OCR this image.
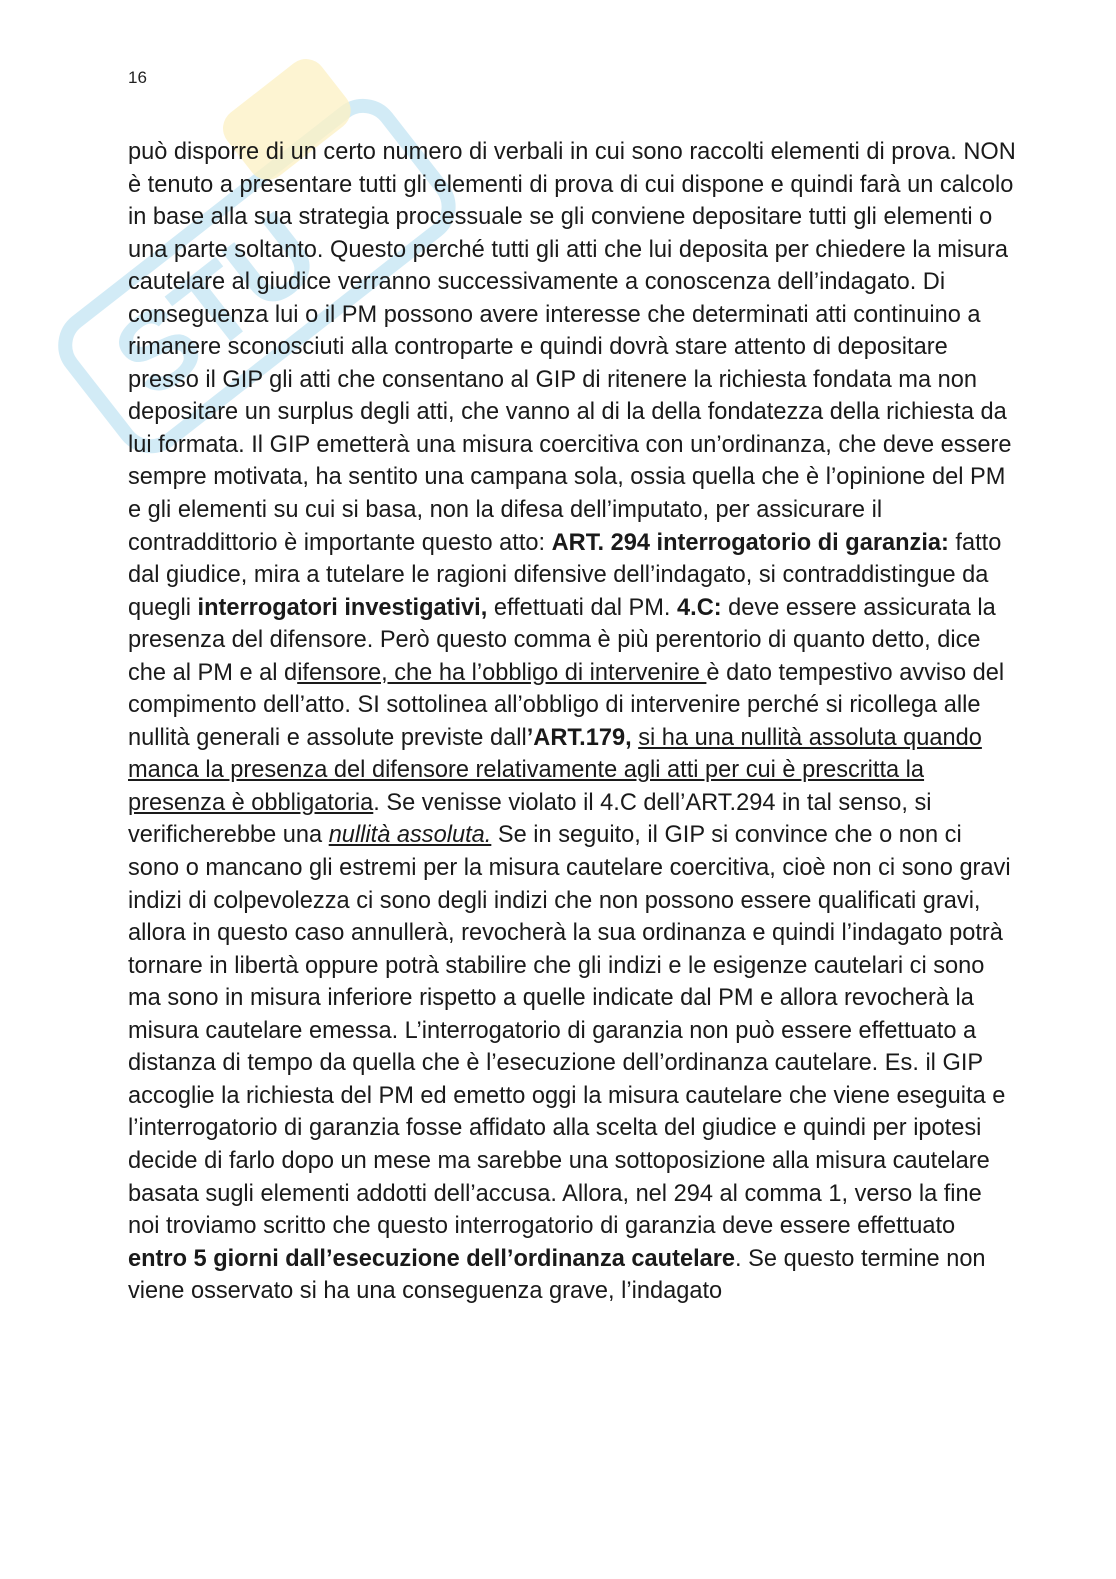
STU
16

può disporre di un certo numero di verbali in cui sono raccolti elementi di prova. NON è tenuto a presentare tutti gli elementi di prova di cui dispone e quindi farà un calcolo in base alla sua strategia processuale se gli conviene depositare tutti gli elementi o una parte soltanto. Questo perché tutti gli atti che lui deposita per chiedere la misura cautelare al giudice verranno successivamente a conoscenza dell’indagato. Di conseguenza lui o il PM possono avere interesse che determinati atti continuino a rimanere sconosciuti alla controparte e quindi dovrà stare attento di depositare presso il GIP gli atti che consentano al GIP di ritenere la richiesta fondata ma non depositare un surplus degli atti, che vanno al di la della fondatezza della richiesta da lui formata. Il GIP emetterà una misura coercitiva con un’ordinanza, che deve essere sempre motivata, ha sentito una campana sola, ossia quella che è l’opinione del PM e gli elementi su cui si basa, non la difesa dell’imputato, per assicurare il contraddittorio è importante questo atto: ART. 294 interrogatorio di garanzia: fatto dal giudice, mira a tutelare le ragioni difensive dell’indagato, si contraddistingue da quegli interrogatori investigativi, effettuati dal PM. 4.C: deve essere assicurata la presenza del difensore. Però questo comma è più perentorio di quanto detto, dice che al PM e al difensore, che ha l’obbligo di intervenire è dato tempestivo avviso del compimento dell’atto. SI sottolinea all’obbligo di intervenire perché si ricollega alle nullità generali e assolute previste dall’ART.179, si ha una nullità assoluta quando manca la presenza del difensore relativamente agli atti per cui è prescritta la presenza è obbligatoria. Se venisse violato il 4.C dell’ART.294 in tal senso, si verificherebbe una nullità assoluta. Se in seguito, il GIP si convince che o non ci sono o mancano gli estremi per la misura cautelare coercitiva, cioè non ci sono gravi indizi di colpevolezza ci sono degli indizi che non possono essere qualificati gravi, allora in questo caso annullerà, revocherà la sua ordinanza e quindi l’indagato potrà tornare in libertà oppure potrà stabilire che gli indizi e le esigenze cautelari ci sono ma sono in misura inferiore rispetto a quelle indicate dal PM e allora revocherà la misura cautelare emessa. L’interrogatorio di garanzia non può essere effettuato a distanza di tempo da quella che è l’esecuzione dell’ordinanza cautelare. Es. il GIP accoglie la richiesta del PM ed emetto oggi la misura cautelare che viene eseguita e l’interrogatorio di garanzia fosse affidato alla scelta del giudice e quindi per ipotesi decide di farlo dopo un mese ma sarebbe una sottoposizione alla misura cautelare basata sugli elementi addotti dell’accusa. Allora, nel 294 al comma 1, verso la fine noi troviamo scritto che questo interrogatorio di garanzia deve essere effettuato entro 5 giorni dall’esecuzione dell’ordinanza cautelare. Se questo termine non viene osservato si ha una conseguenza grave, l’indagato
